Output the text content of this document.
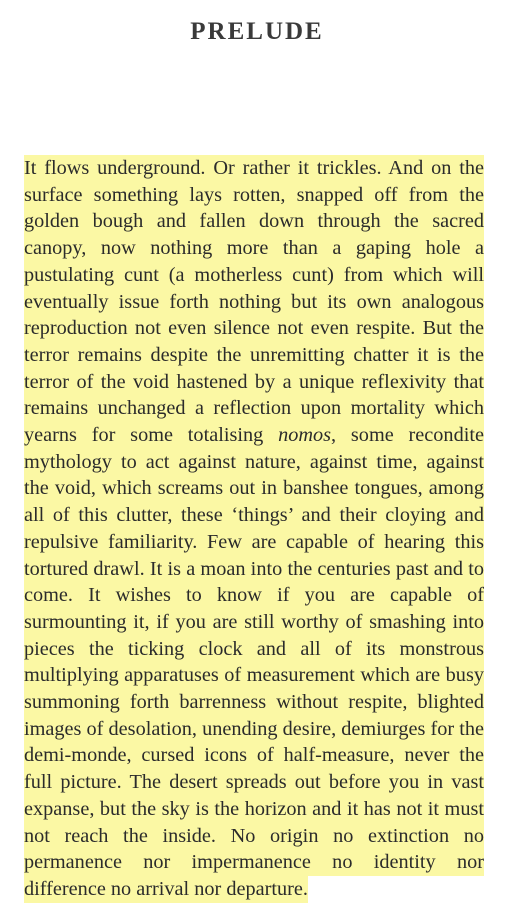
PRELUDE

It flows underground. Or rather it trickles. And on the surface something lays rotten, snapped off from the golden bough and fallen down through the sacred canopy, now nothing more than a gaping hole a pustulating cunt (a motherless cunt) from which will eventually issue forth nothing but its own analogous reproduction not even silence not even respite. But the terror remains despite the unremitting chatter it is the terror of the void hastened by a unique reflexivity that remains unchanged a reflection upon mortality which yearns for some totalising nomos, some recondite mythology to act against nature, against time, against the void, which screams out in banshee tongues, among all of this clutter, these ‘things’ and their cloying and repulsive familiarity. Few are capable of hearing this tortured drawl. It is a moan into the centuries past and to come. It wishes to know if you are capable of surmounting it, if you are still worthy of smashing into pieces the ticking clock and all of its monstrous multiplying apparatuses of measurement which are busy summoning forth barrenness without respite, blighted images of desolation, unending desire, demiurges for the demi-monde, cursed icons of half-measure, never the full picture. The desert spreads out before you in vast expanse, but the sky is the horizon and it has not it must not reach the inside. No origin no extinction no permanence nor impermanence no identity nor difference no arrival nor departure.
